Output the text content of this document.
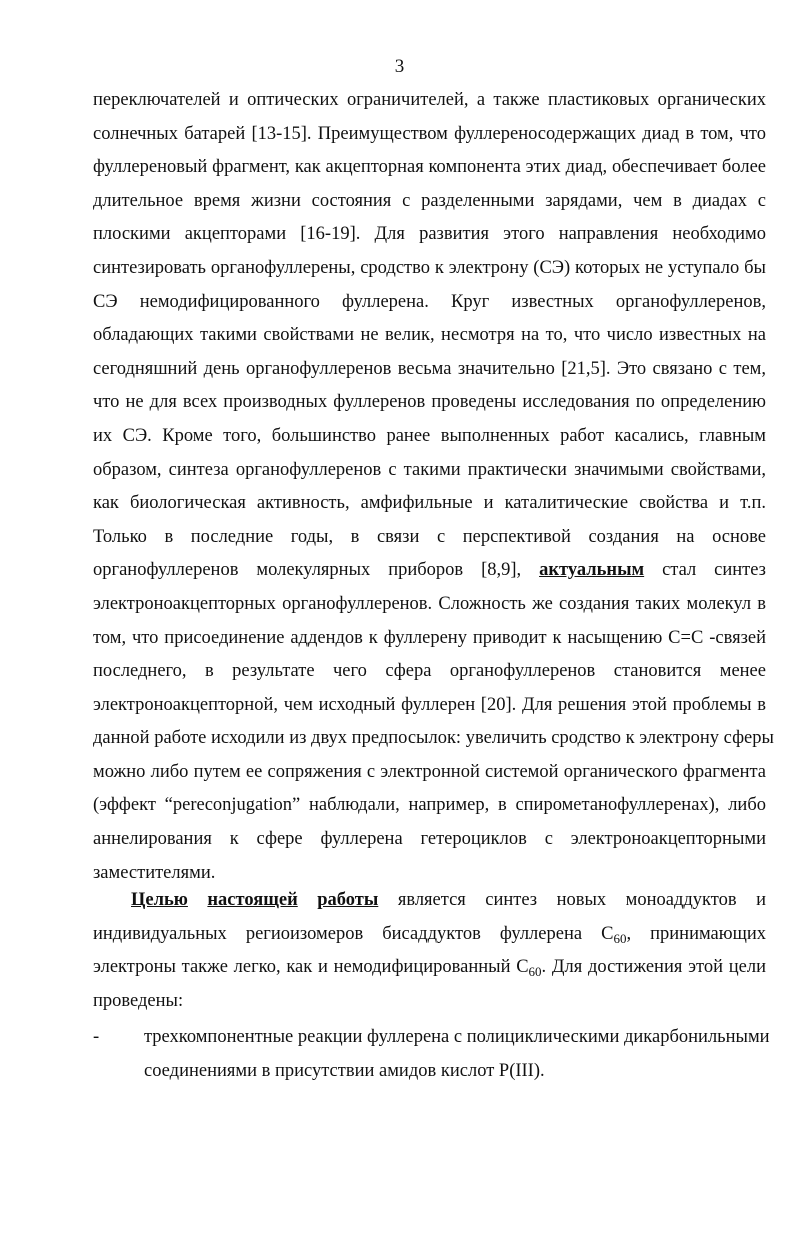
3
переключателей и оптических ограничителей, а также пластиковых органических
солнечных батарей [13-15]. Преимуществом фуллереносодержащих диад в том, что
фуллереновый фрагмент, как акцепторная компонента этих диад, обеспечивает более
длительное время жизни состояния с разделенными зарядами, чем в диадах с
плоскими акцепторами [16-19]. Для развития этого направления необходимо
синтезировать органофуллерены, сродство к электрону (СЭ) которых не уступало бы
СЭ немодифицированного фуллерена. Круг известных органофуллеренов,
обладающих такими свойствами не велик, несмотря на то, что число известных на
сегодняшний день органофуллеренов весьма значительно [21,5]. Это связано с тем,
что не для всех производных фуллеренов проведены исследования по определению
их СЭ. Кроме того, большинство ранее выполненных работ касались, главным
образом, синтеза органофуллеренов с такими практически значимыми свойствами,
как биологическая активность, амфифильные и каталитические свойства и т.п.
Только в последние годы, в связи с перспективой создания на основе
органофуллеренов молекулярных приборов [8,9], актуальным стал синтез
электроноакцепторных органофуллеренов. Сложность же создания таких молекул в
том, что присоединение аддендов к фуллерену приводит к насыщению С=С -связей
последнего, в результате чего сфера органофуллеренов становится менее
электроноакцепторной, чем исходный фуллерен [20]. Для решения этой проблемы в
данной работе исходили из двух предпосылок: увеличить сродство к электрону сферы
можно либо путем ее сопряжения с электронной системой органического фрагмента
(эффект “pereconjugation” наблюдали, например, в спирометанофуллеренах), либо
аннелирования к сфере фуллерена гетероциклов с электроноакцепторными
заместителями.
Целью настоящей работы является синтез новых моноаддуктов и
индивидуальных региоизомеров бисаддуктов фуллерена $С_{60}$, принимающих
электроны также легко, как и немодифицированный $С_{60}$. Для достижения этой цели
проведены:
- трехкомпонентные реакции фуллерена с полициклическими дикарбонильными
соединениями в присутствии амидов кислот Р(III).
